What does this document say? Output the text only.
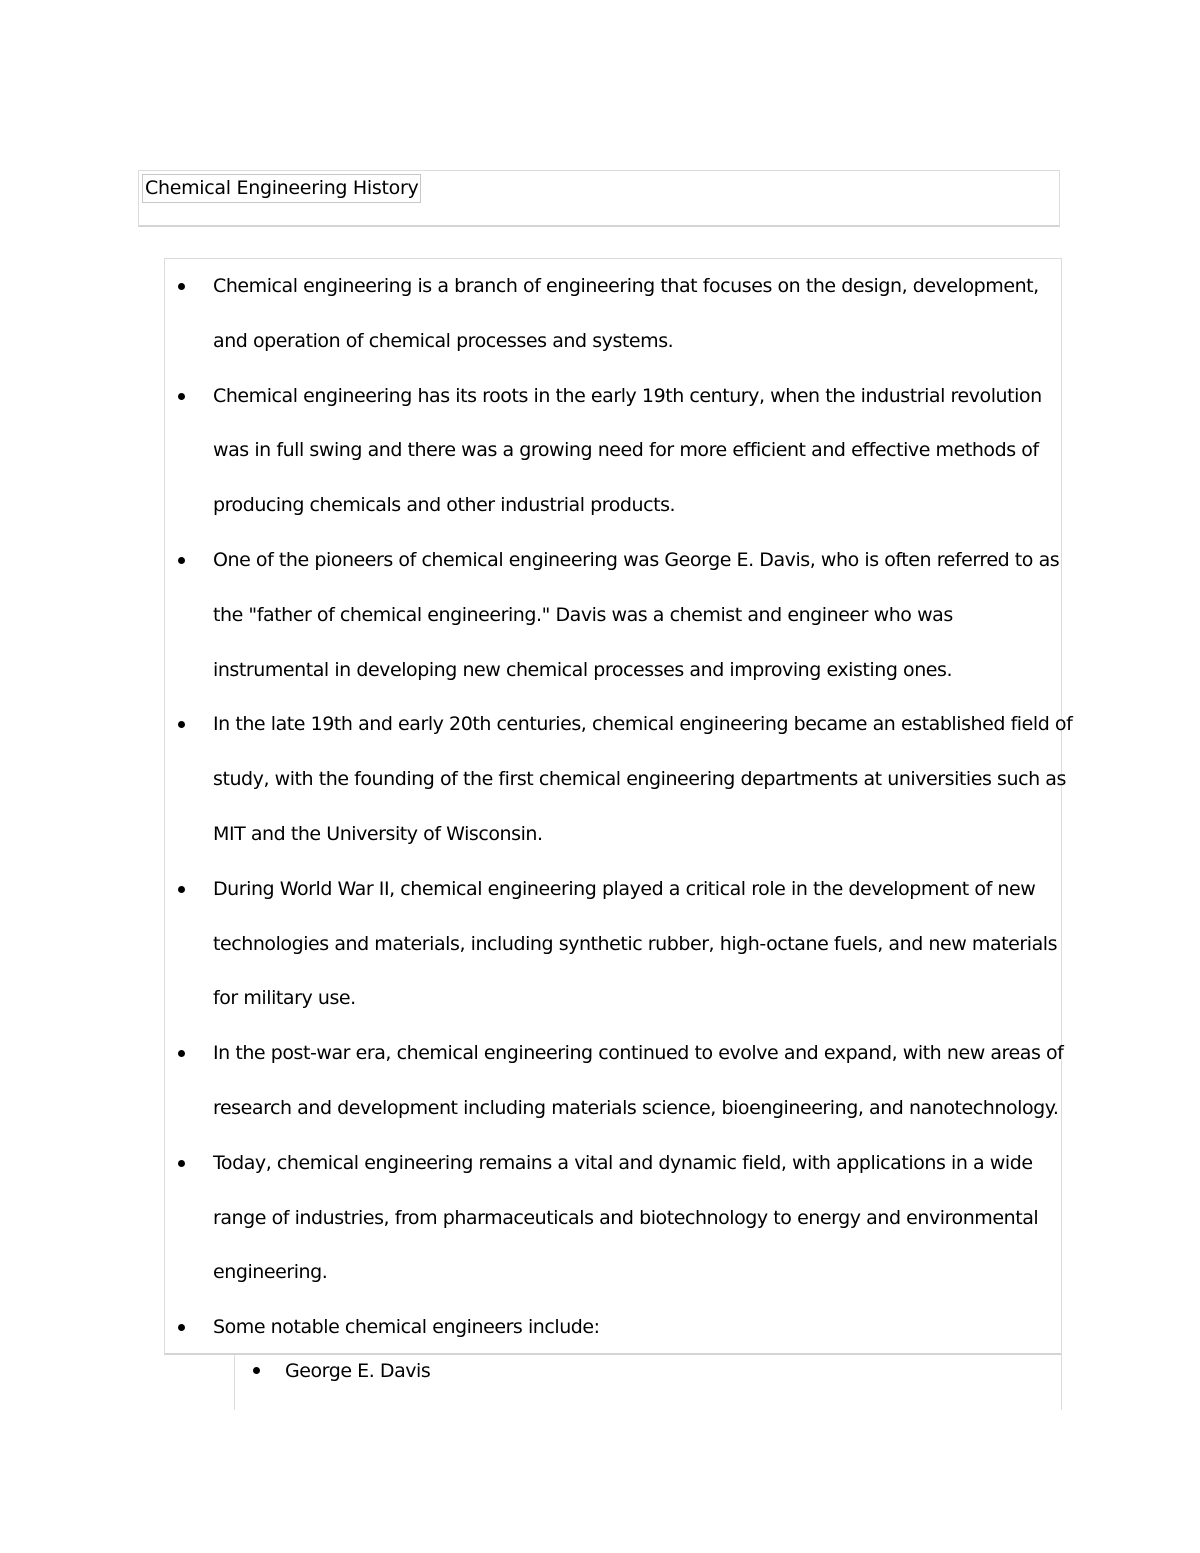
Chemical Engineering History
Chemical engineering is a branch of engineering that focuses on the design, development,
and operation of chemical processes and systems.
Chemical engineering has its roots in the early 19th century, when the industrial revolution
was in full swing and there was a growing need for more efficient and effective methods of
producing chemicals and other industrial products.
One of the pioneers of chemical engineering was George E. Davis, who is often referred to as
the "father of chemical engineering." Davis was a chemist and engineer who was
instrumental in developing new chemical processes and improving existing ones.
In the late 19th and early 20th centuries, chemical engineering became an established field of
study, with the founding of the first chemical engineering departments at universities such as
MIT and the University of Wisconsin.
During World War II, chemical engineering played a critical role in the development of new
technologies and materials, including synthetic rubber, high-octane fuels, and new materials
for military use.
In the post-war era, chemical engineering continued to evolve and expand, with new areas of
research and development including materials science, bioengineering, and nanotechnology.
Today, chemical engineering remains a vital and dynamic field, with applications in a wide
range of industries, from pharmaceuticals and biotechnology to energy and environmental
engineering.
Some notable chemical engineers include:
George E. Davis
